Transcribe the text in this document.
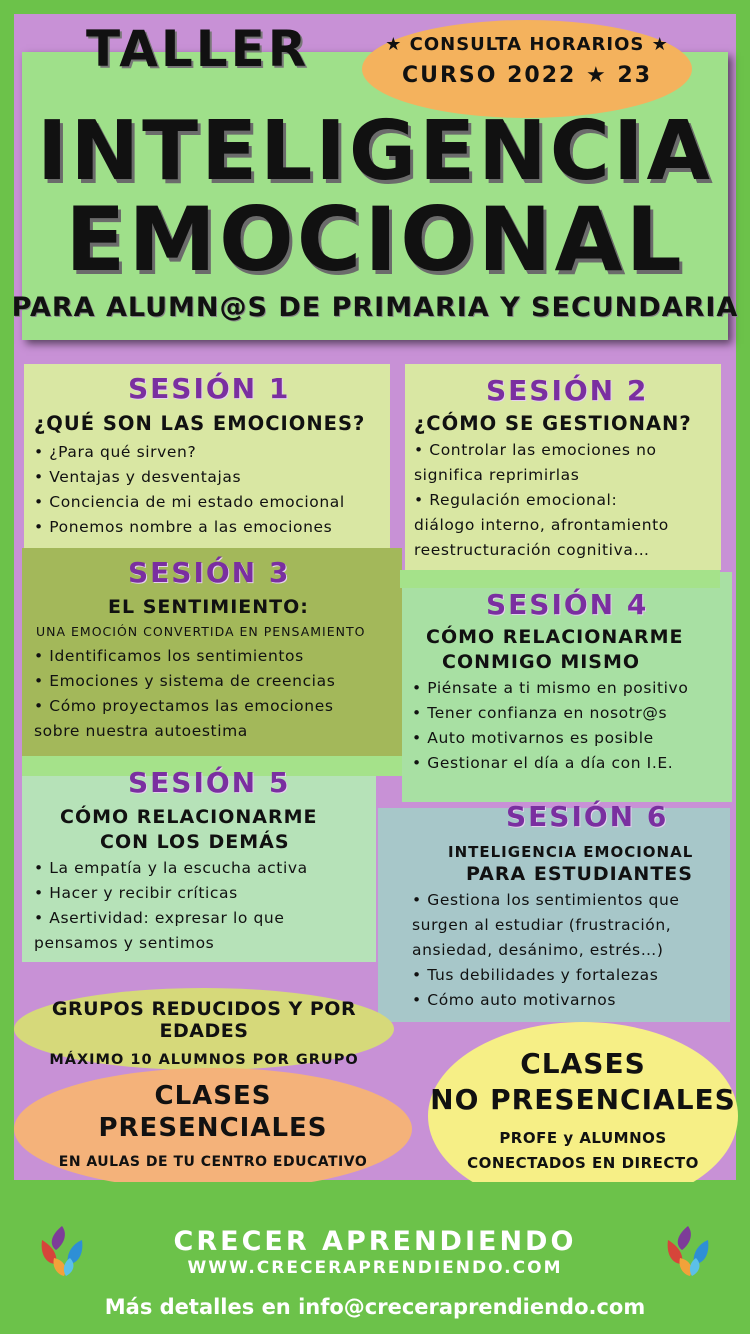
TALLER	★ CONSULTA HORARIOS ★
CURSO 2022 ★ 23
INTELIGENCIA
EMOCIONAL
PARA ALUMN@S DE PRIMARIA Y SECUNDARIA
SESIÓN 1
¿QUÉ SON LAS EMOCIONES?
• ¿Para qué sirven?
• Ventajas y desventajas
• Conciencia de mi estado emocional
• Ponemos nombre a las emociones
SESIÓN 2
¿CÓMO SE GESTIONAN?
• Controlar las emociones no
significa reprimirlas
• Regulación emocional:
diálogo interno, afrontamiento
reestructuración cognitiva…
SESIÓN 3
EL SENTIMIENTO:
UNA EMOCIÓN CONVERTIDA EN PENSAMIENTO
• Identificamos los sentimientos
• Emociones y sistema de creencias
• Cómo proyectamos las emociones
sobre nuestra autoestima
SESIÓN 4
CÓMO RELACIONARME
CONMIGO MISMO
• Piénsate a ti mismo en positivo
• Tener confianza en nosotr@s
• Auto motivarnos es posible
• Gestionar el día a día con I.E.
SESIÓN 5
CÓMO RELACIONARME
CON LOS DEMÁS
• La empatía y la escucha activa
• Hacer y recibir críticas
• Asertividad: expresar lo que
pensamos y sentimos
SESIÓN 6
INTELIGENCIA EMOCIONAL
PARA ESTUDIANTES
• Gestiona los sentimientos que
surgen al estudiar (frustración,
ansiedad, desánimo, estrés…)
• Tus debilidades y fortalezas
• Cómo auto motivarnos
GRUPOS REDUCIDOS Y POR EDADES
MÁXIMO 10 ALUMNOS POR GRUPO
CLASES
PRESENCIALES
EN AULAS DE TU CENTRO EDUCATIVO
CLASES
NO PRESENCIALES
PROFE y ALUMNOS
CONECTADOS EN DIRECTO
CRECER APRENDIENDO
WWW.CRECERAPRENDIENDO.COM
Más detalles en info@creceraprendiendo.com
